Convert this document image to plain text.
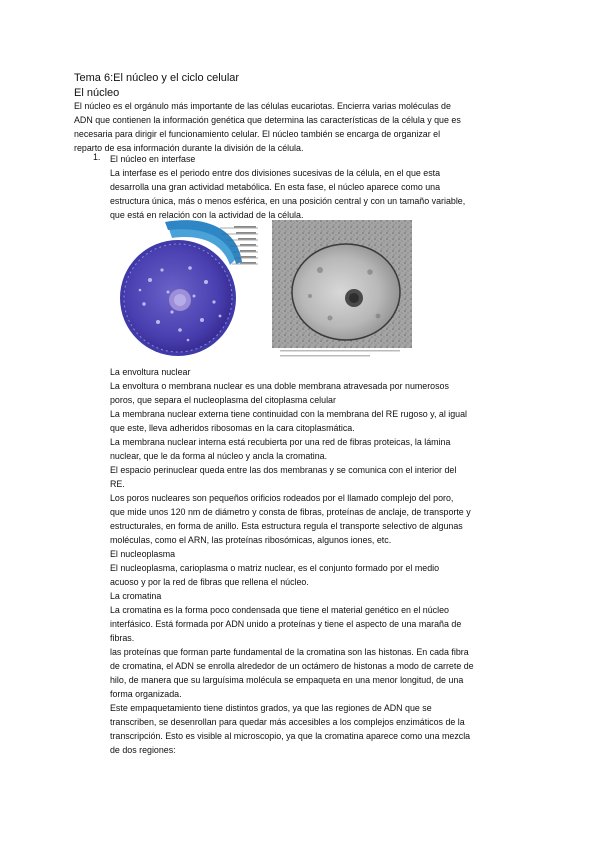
Tema 6:El núcleo y el ciclo celular
El núcleo
El núcleo es el orgánulo más importante de las células eucariotas. Encierra varias moléculas de
ADN que contienen la información genética que determina las características de la célula y que es
necesaria para dirigir el funcionamiento celular. El núcleo también se encarga de organizar el
reparto de esa información durante la división de la célula.
1. El núcleo en interfase
La interfase es el periodo entre dos divisiones sucesivas de la célula, en el que esta
desarrolla una gran actividad metabólica. En esta fase, el núcleo aparece como una
estructura única, más o menos esférica, en una posición central y con un tamaño variable,
que está en relación con la actividad de la célula.
La envoltura nuclear
La envoltura o membrana nuclear es una doble membrana atravesada por numerosos
poros, que separa el nucleoplasma del citoplasma celular
La membrana nuclear externa tiene continuidad con la membrana del RE rugoso y, al igual
que este, lleva adheridos ribosomas en la cara citoplasmática.
La membrana nuclear interna está recubierta por una red de fibras proteicas, la lámina
nuclear, que le da forma al núcleo y ancla la cromatina.
El espacio perinuclear queda entre las dos membranas y se comunica con el interior del
RE.
Los poros nucleares son pequeños orificios rodeados por el llamado complejo del poro,
que mide unos 120 nm de diámetro y consta de fibras, proteínas de anclaje, de transporte y
estructurales, en forma de anillo. Esta estructura regula el transporte selectivo de algunas
moléculas, como el ARN, las proteínas ribosómicas, algunos iones, etc.
El nucleoplasma
El nucleoplasma, carioplasma o matriz nuclear, es el conjunto formado por el medio
acuoso y por la red de fibras que rellena el núcleo.
La cromatina
La cromatina es la forma poco condensada que tiene el material genético en el núcleo
interfásico. Está formada por ADN unido a proteínas y tiene el aspecto de una maraña de
fibras.
las proteínas que forman parte fundamental de la cromatina son las histonas. En cada fibra
de cromatina, el ADN se enrolla alrededor de un octámero de histonas a modo de carrete de
hilo, de manera que su larguísima molécula se empaqueta en una menor longitud, de una
forma organizada.
Este empaquetamiento tiene distintos grados, ya que las regiones de ADN que se
transcriben, se desenrollan para quedar más accesibles a los complejos enzimáticos de la
transcripción. Esto es visible al microscopio, ya que la cromatina aparece como una mezcla
de dos regiones:
